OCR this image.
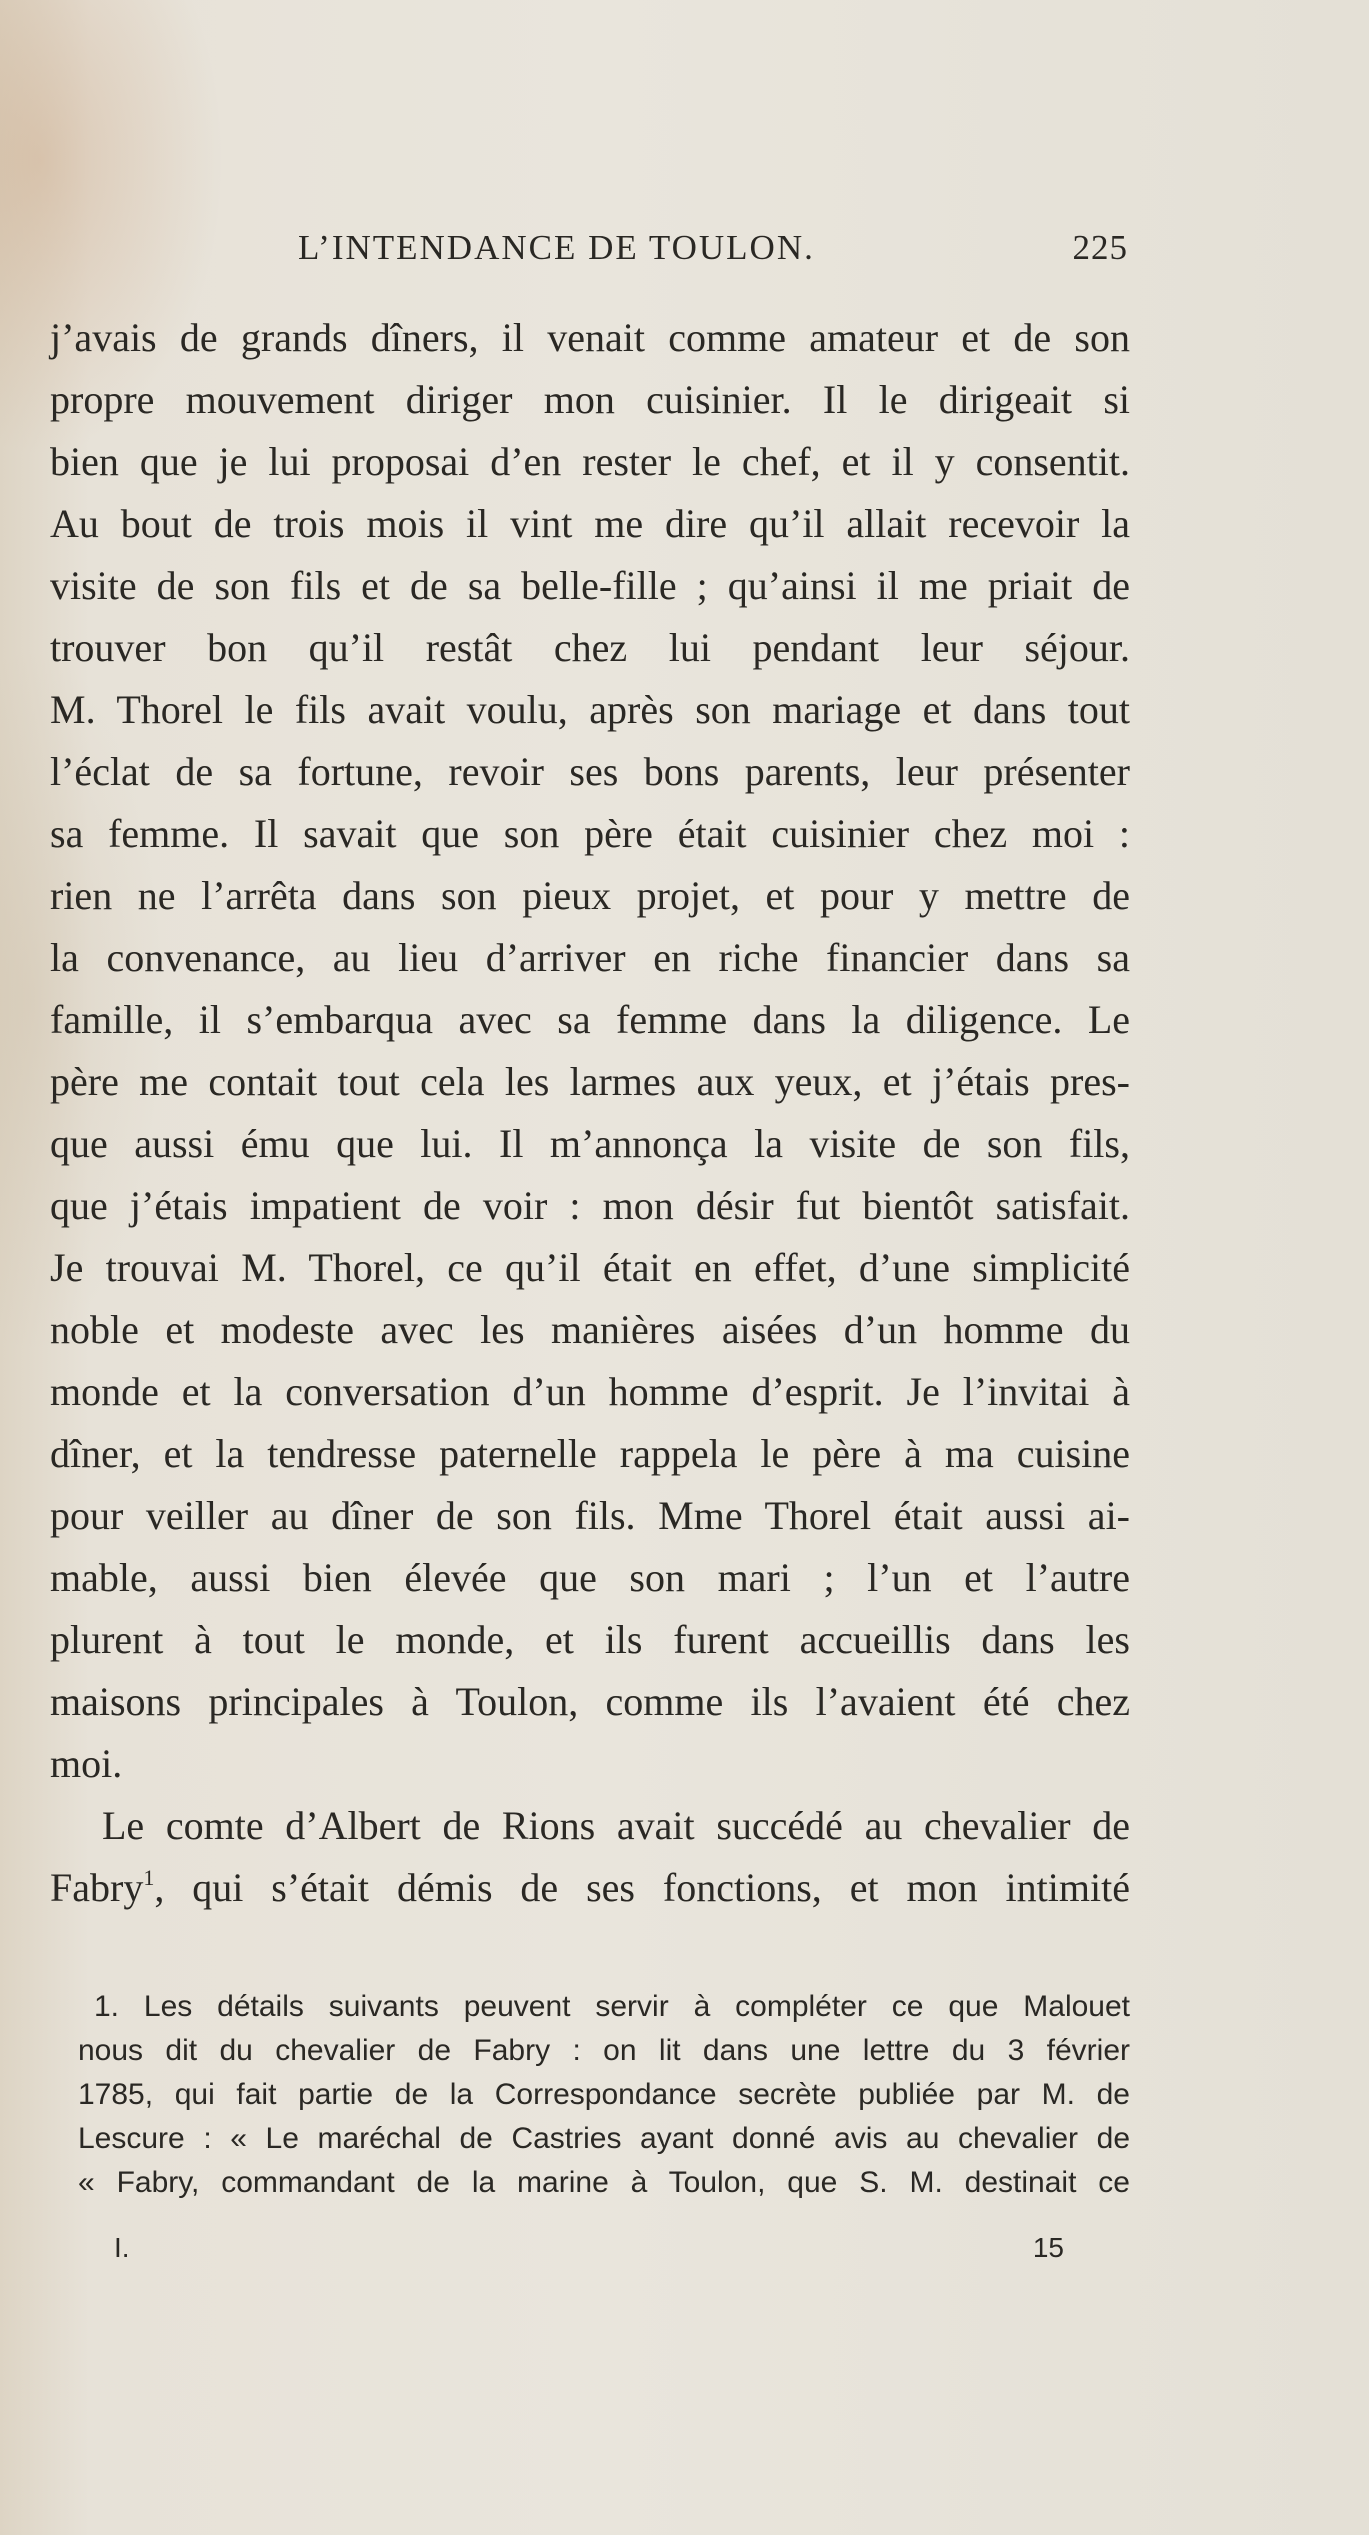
L’INTENDANCE DE TOULON.	225
j’avais de grands dîners, il venait comme amateur et de son
propre mouvement diriger mon cuisinier. Il le dirigeait si
bien que je lui proposai d’en rester le chef, et il y consentit.
Au bout de trois mois il vint me dire qu’il allait recevoir la
visite de son fils et de sa belle-fille ; qu’ainsi il me priait de
trouver bon qu’il restât chez lui pendant leur séjour.
M. Thorel le fils avait voulu, après son mariage et dans tout
l’éclat de sa fortune, revoir ses bons parents, leur présenter
sa femme. Il savait que son père était cuisinier chez moi :
rien ne l’arrêta dans son pieux projet, et pour y mettre de
la convenance, au lieu d’arriver en riche financier dans sa
famille, il s’embarqua avec sa femme dans la diligence. Le
père me contait tout cela les larmes aux yeux, et j’étais pres-
que aussi ému que lui. Il m’annonça la visite de son fils,
que j’étais impatient de voir : mon désir fut bientôt satisfait.
Je trouvai M. Thorel, ce qu’il était en effet, d’une simplicité
noble et modeste avec les manières aisées d’un homme du
monde et la conversation d’un homme d’esprit. Je l’invitai à
dîner, et la tendresse paternelle rappela le père à ma cuisine
pour veiller au dîner de son fils. Mme Thorel était aussi ai-
mable, aussi bien élevée que son mari ; l’un et l’autre
plurent à tout le monde, et ils furent accueillis dans les
maisons principales à Toulon, comme ils l’avaient été chez
moi.
Le comte d’Albert de Rions avait succédé au chevalier de
Fabry$^1$, qui s’était démis de ses fonctions, et mon intimité
1. Les détails suivants peuvent servir à compléter ce que Malouet
nous dit du chevalier de Fabry : on lit dans une lettre du 3 février
1785, qui fait partie de la Correspondance secrète publiée par M. de
Lescure : « Le maréchal de Castries ayant donné avis au chevalier de
« Fabry, commandant de la marine à Toulon, que S. M. destinait ce
I.	15
